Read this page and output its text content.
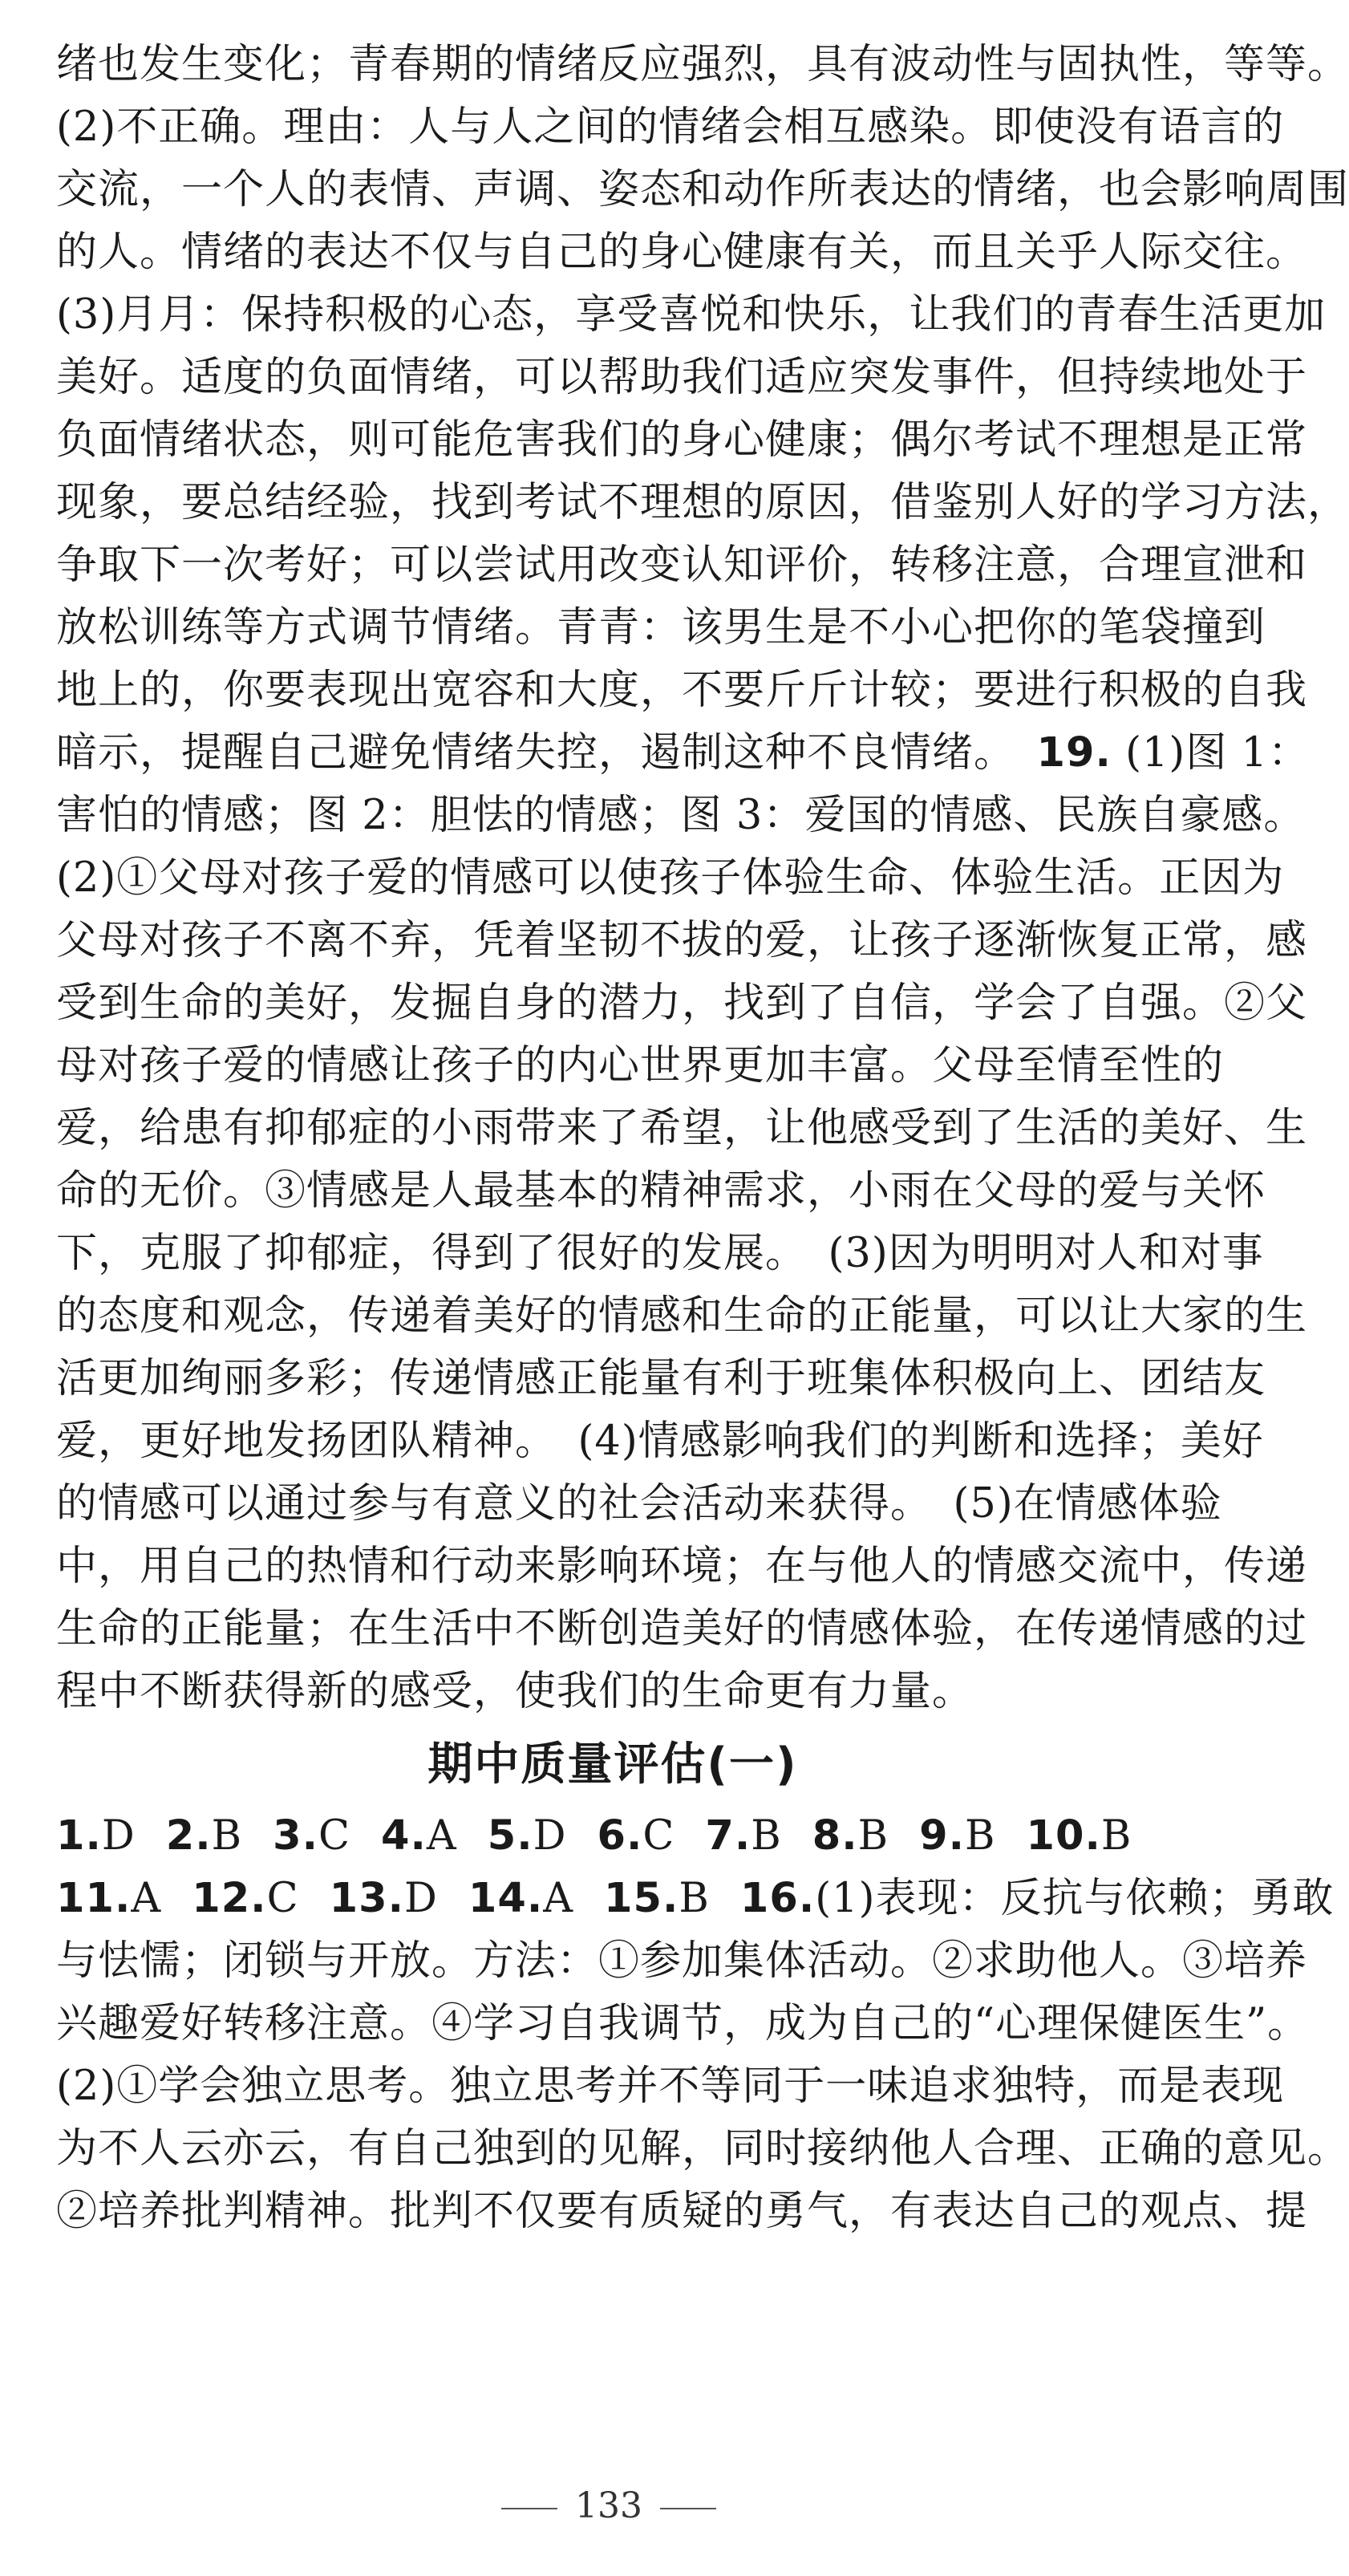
绪也发生变化；青春期的情绪反应强烈，具有波动性与固执性，等等。
(2)不正确。理由：人与人之间的情绪会相互感染。即使没有语言的
交流，一个人的表情、声调、姿态和动作所表达的情绪，也会影响周围
的人。情绪的表达不仅与自己的身心健康有关，而且关乎人际交往。
(3)月月：保持积极的心态，享受喜悦和快乐，让我们的青春生活更加
美好。适度的负面情绪，可以帮助我们适应突发事件，但持续地处于
负面情绪状态，则可能危害我们的身心健康；偶尔考试不理想是正常
现象，要总结经验，找到考试不理想的原因，借鉴别人好的学习方法，
争取下一次考好；可以尝试用改变认知评价，转移注意，合理宣泄和
放松训练等方式调节情绪。青青：该男生是不小心把你的笔袋撞到
地上的，你要表现出宽容和大度，不要斤斤计较；要进行积极的自我
暗示，提醒自己避免情绪失控，遏制这种不良情绪。　19. (1)图 1：
害怕的情感；图 2：胆怯的情感；图 3：爱国的情感、民族自豪感。
(2)①父母对孩子爱的情感可以使孩子体验生命、体验生活。正因为
父母对孩子不离不弃，凭着坚韧不拔的爱，让孩子逐渐恢复正常，感
受到生命的美好，发掘自身的潜力，找到了自信，学会了自强。②父
母对孩子爱的情感让孩子的内心世界更加丰富。父母至情至性的
爱，给患有抑郁症的小雨带来了希望，让他感受到了生活的美好、生
命的无价。③情感是人最基本的精神需求，小雨在父母的爱与关怀
下，克服了抑郁症，得到了很好的发展。　(3)因为明明对人和对事
的态度和观念，传递着美好的情感和生命的正能量，可以让大家的生
活更加绚丽多彩；传递情感正能量有利于班集体积极向上、团结友
爱，更好地发扬团队精神。　(4)情感影响我们的判断和选择；美好
的情感可以通过参与有意义的社会活动来获得。　(5)在情感体验
中，用自己的热情和行动来影响环境；在与他人的情感交流中，传递
生命的正能量；在生活中不断创造美好的情感体验，在传递情感的过
程中不断获得新的感受，使我们的生命更有力量。
期中质量评估(一)
1.D 2.B 3.C 4.A 5.D 6.C 7.B 8.B 9.B 10.B
11.A 12.C 13.D 14.A 15.B 16.(1)表现：反抗与依赖；勇敢
与怯懦；闭锁与开放。方法：①参加集体活动。②求助他人。③培养
兴趣爱好转移注意。④学习自我调节，成为自己的“心理保健医生”。
(2)①学会独立思考。独立思考并不等同于一味追求独特，而是表现
为不人云亦云，有自己独到的见解，同时接纳他人合理、正确的意见。
②培养批判精神。批判不仅要有质疑的勇气，有表达自己的观点、提
133
